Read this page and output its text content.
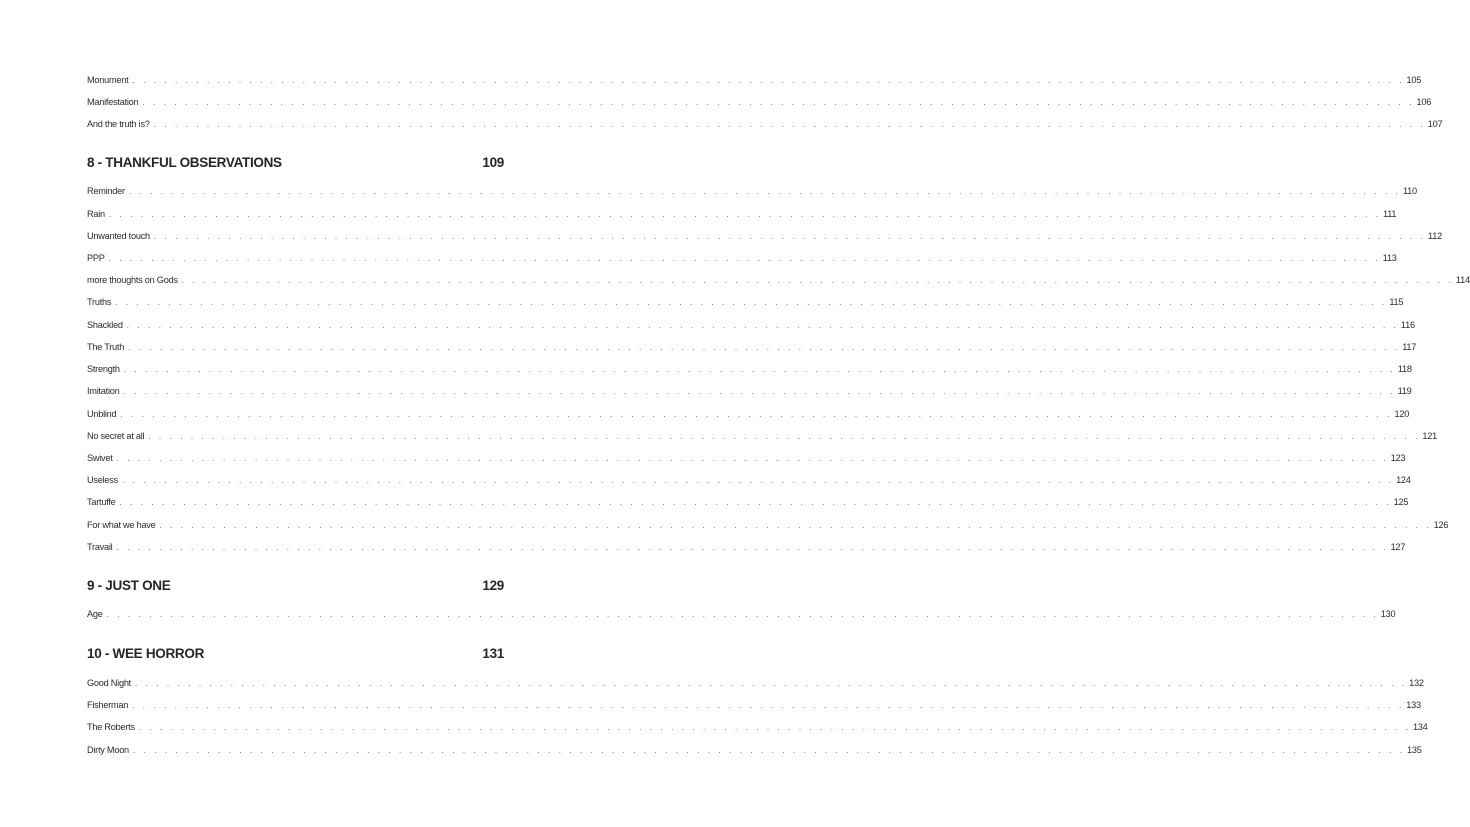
Monument . . . . . . . . . . . . . . . . . . . . . . . . . . . . . . . . . . . . . . . . . . . . . . . . . . . . . . . . . . . . . . . . . . . . . . . . . . . . . . . . . . . . . . . . . . . . . . . . . . . . . . . . . . . . . . . . . . . . . . . . 105
Manifestation . . . . . . . . . . . . . . . . . . . . . . . . . . . . . . . . . . . . . . . . . . . . . . . . . . . . . . . . . . . . . . . . . . . . . . . . . . . . . . . . . . . . . . . . . . . . . . . . . . . . . . . . . . . . . . . . . . . . . . . . 106
And the truth is? . . . . . . . . . . . . . . . . . . . . . . . . . . . . . . . . . . . . . . . . . . . . . . . . . . . . . . . . . . . . . . . . . . . . . . . . . . . . . . . . . . . . . . . . . . . . . . . . . . . . . . . . . . . . . . . . . . . . . . . . 107
8 - THANKFUL OBSERVATIONS	109
Reminder . . . . . . . . . . . . . . . . . . . . . . . . . . . . . . . . . . . . . . . . . . . . . . . . . . . . . . . . . . . . . . . . . . . . . . . . . . . . . . . . . . . . . . . . . . . . . . . . . . . . . . . . . . . . . . . . . . . . . . . . 110
Rain . . . . . . . . . . . . . . . . . . . . . . . . . . . . . . . . . . . . . . . . . . . . . . . . . . . . . . . . . . . . . . . . . . . . . . . . . . . . . . . . . . . . . . . . . . . . . . . . . . . . . . . . . . . . . . . . . . . . . . . . 111
Unwanted touch . . . . . . . . . . . . . . . . . . . . . . . . . . . . . . . . . . . . . . . . . . . . . . . . . . . . . . . . . . . . . . . . . . . . . . . . . . . . . . . . . . . . . . . . . . . . . . . . . . . . . . . . . . . . . . . . . . . . . . . . 112
PPP . . . . . . . . . . . . . . . . . . . . . . . . . . . . . . . . . . . . . . . . . . . . . . . . . . . . . . . . . . . . . . . . . . . . . . . . . . . . . . . . . . . . . . . . . . . . . . . . . . . . . . . . . . . . . . . . . . . . . . . . 113
more thoughts on Gods . . . . . . . . . . . . . . . . . . . . . . . . . . . . . . . . . . . . . . . . . . . . . . . . . . . . . . . . . . . . . . . . . . . . . . . . . . . . . . . . . . . . . . . . . . . . . . . . . . . . . . . . . . . . . . . . . . . . . . . . 114
Truths . . . . . . . . . . . . . . . . . . . . . . . . . . . . . . . . . . . . . . . . . . . . . . . . . . . . . . . . . . . . . . . . . . . . . . . . . . . . . . . . . . . . . . . . . . . . . . . . . . . . . . . . . . . . . . . . . . . . . . . . 115
Shackled . . . . . . . . . . . . . . . . . . . . . . . . . . . . . . . . . . . . . . . . . . . . . . . . . . . . . . . . . . . . . . . . . . . . . . . . . . . . . . . . . . . . . . . . . . . . . . . . . . . . . . . . . . . . . . . . . . . . . . . . 116
The Truth . . . . . . . . . . . . . . . . . . . . . . . . . . . . . . . . . . . . . . . . . . . . . . . . . . . . . . . . . . . . . . . . . . . . . . . . . . . . . . . . . . . . . . . . . . . . . . . . . . . . . . . . . . . . . . . . . . . . . . . . 117
Strength . . . . . . . . . . . . . . . . . . . . . . . . . . . . . . . . . . . . . . . . . . . . . . . . . . . . . . . . . . . . . . . . . . . . . . . . . . . . . . . . . . . . . . . . . . . . . . . . . . . . . . . . . . . . . . . . . . . . . . . . 118
Imitation . . . . . . . . . . . . . . . . . . . . . . . . . . . . . . . . . . . . . . . . . . . . . . . . . . . . . . . . . . . . . . . . . . . . . . . . . . . . . . . . . . . . . . . . . . . . . . . . . . . . . . . . . . . . . . . . . . . . . . . . 119
Unblind . . . . . . . . . . . . . . . . . . . . . . . . . . . . . . . . . . . . . . . . . . . . . . . . . . . . . . . . . . . . . . . . . . . . . . . . . . . . . . . . . . . . . . . . . . . . . . . . . . . . . . . . . . . . . . . . . . . . . . . . 120
No secret at all . . . . . . . . . . . . . . . . . . . . . . . . . . . . . . . . . . . . . . . . . . . . . . . . . . . . . . . . . . . . . . . . . . . . . . . . . . . . . . . . . . . . . . . . . . . . . . . . . . . . . . . . . . . . . . . . . . . . . . . . 121
Swivet . . . . . . . . . . . . . . . . . . . . . . . . . . . . . . . . . . . . . . . . . . . . . . . . . . . . . . . . . . . . . . . . . . . . . . . . . . . . . . . . . . . . . . . . . . . . . . . . . . . . . . . . . . . . . . . . . . . . . . . . 123
Useless . . . . . . . . . . . . . . . . . . . . . . . . . . . . . . . . . . . . . . . . . . . . . . . . . . . . . . . . . . . . . . . . . . . . . . . . . . . . . . . . . . . . . . . . . . . . . . . . . . . . . . . . . . . . . . . . . . . . . . . . 124
Tartuffe . . . . . . . . . . . . . . . . . . . . . . . . . . . . . . . . . . . . . . . . . . . . . . . . . . . . . . . . . . . . . . . . . . . . . . . . . . . . . . . . . . . . . . . . . . . . . . . . . . . . . . . . . . . . . . . . . . . . . . . . 125
For what we have . . . . . . . . . . . . . . . . . . . . . . . . . . . . . . . . . . . . . . . . . . . . . . . . . . . . . . . . . . . . . . . . . . . . . . . . . . . . . . . . . . . . . . . . . . . . . . . . . . . . . . . . . . . . . . . . . . . . . . . . 126
Travail . . . . . . . . . . . . . . . . . . . . . . . . . . . . . . . . . . . . . . . . . . . . . . . . . . . . . . . . . . . . . . . . . . . . . . . . . . . . . . . . . . . . . . . . . . . . . . . . . . . . . . . . . . . . . . . . . . . . . . . . 127
9 - JUST ONE	129
Age . . . . . . . . . . . . . . . . . . . . . . . . . . . . . . . . . . . . . . . . . . . . . . . . . . . . . . . . . . . . . . . . . . . . . . . . . . . . . . . . . . . . . . . . . . . . . . . . . . . . . . . . . . . . . . . . . . . . . . . . 130
10 - WEE HORROR	131
Good Night . . . . . . . . . . . . . . . . . . . . . . . . . . . . . . . . . . . . . . . . . . . . . . . . . . . . . . . . . . . . . . . . . . . . . . . . . . . . . . . . . . . . . . . . . . . . . . . . . . . . . . . . . . . . . . . . . . . . . . . . 132
Fisherman . . . . . . . . . . . . . . . . . . . . . . . . . . . . . . . . . . . . . . . . . . . . . . . . . . . . . . . . . . . . . . . . . . . . . . . . . . . . . . . . . . . . . . . . . . . . . . . . . . . . . . . . . . . . . . . . . . . . . . . . 133
The Roberts . . . . . . . . . . . . . . . . . . . . . . . . . . . . . . . . . . . . . . . . . . . . . . . . . . . . . . . . . . . . . . . . . . . . . . . . . . . . . . . . . . . . . . . . . . . . . . . . . . . . . . . . . . . . . . . . . . . . . . . . 134
Dirty Moon . . . . . . . . . . . . . . . . . . . . . . . . . . . . . . . . . . . . . . . . . . . . . . . . . . . . . . . . . . . . . . . . . . . . . . . . . . . . . . . . . . . . . . . . . . . . . . . . . . . . . . . . . . . . . . . . . . . . . . . . 135
